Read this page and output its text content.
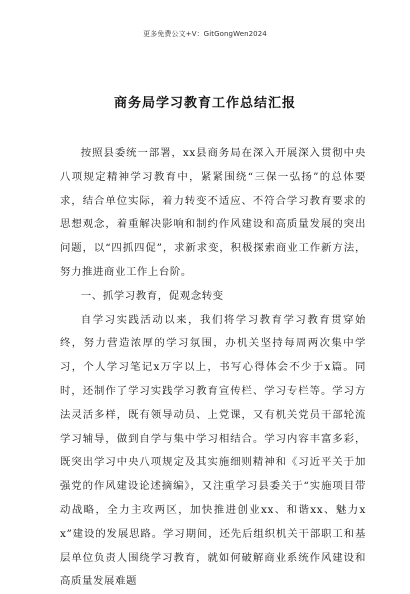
更多免费公文+V：GitGongWen2024
商务局学习教育工作总结汇报

按照县委统一部署，xx县商务局在深入开展深入贯彻中央八项规定精神学习教育中，紧紧围绕“三保一弘扬”的总体要求，结合单位实际，着力转变不适应、不符合学习教育要求的思想观念，着重解决影响和制约作风建设和高质量发展的突出问题，以“四抓四促”，求新求变，积极探索商业工作新方法，努力推进商业工作上台阶。

一、抓学习教育，促观念转变

自学习实践活动以来，我们将学习教育学习教育贯穿始终，努力营造浓厚的学习氛围，办机关坚持每周两次集中学习，个人学习笔记x万字以上，书写心得体会不少于x篇。同时，还制作了学习实践学习教育宣传栏、学习专栏等。学习方法灵活多样，既有领导动员、上党课，又有机关党员干部轮流学习辅导，做到自学与集中学习相结合。学习内容丰富多彩，既突出学习中央八项规定及其实施细则精神和《习近平关于加强党的作风建设论述摘编》，又注重学习县委关于“实施项目带动战略，全力主攻两区，加快推进创业xx、和谐xx、魅力xx”建设的发展思路。学习期间，还先后组织机关干部职工和基层单位负责人围绕学习教育，就如何破解商业系统作风建设和高质量发展难题
